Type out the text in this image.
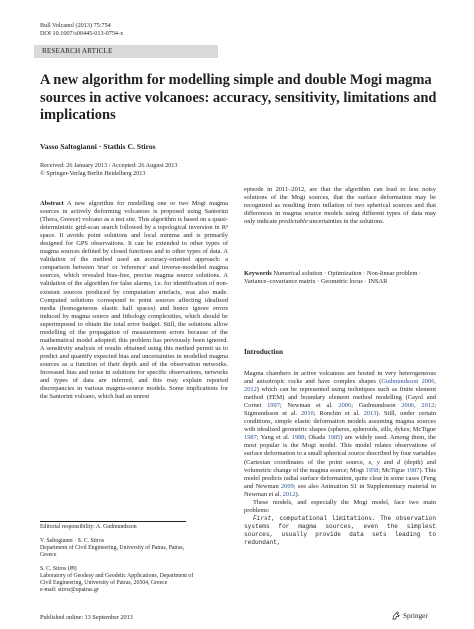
Bull Volcanol (2013) 75:754
DOI 10.1007/s00445-013-0754-x
RESEARCH ARTICLE
A new algorithm for modelling simple and double Mogi magma sources in active volcanoes: accuracy, sensitivity, limitations and implications
Vasso Saltogianni · Stathis C. Stiros
Received: 26 January 2013 / Accepted: 26 August 2013
© Springer-Verlag Berlin Heidelberg 2013

Abstract A new algorithm for modelling one or two Mogi magma sources in actively deforming volcanoes is proposed using Santorini (Thera, Greece) volcano as a test site. This algorithm is based on a quasi-deterministic grid-scan search followed by a topological inversion in Rⁿ space. It avoids point solutions and local minima and is primarily designed for GPS observations. It can be extended to other types of magma sources defined by closed functions and to other types of data. A validation of the method used an accuracy-oriented approach: a comparison between 'true' or 'reference' and inverse-modelled magma sources, which revealed bias-free, precise magma source solutions. A validation of the algorithm for false alarms, i.e. for identification of non-existent sources produced by computation artefacts, was also made. Computed solutions correspond to point sources affecting idealized media (homogeneous elastic half spaces) and hence ignore errors induced by magma source and lithology complexities, which should be superimposed to obtain the total error budget. Still, the solutions allow modelling of the propagation of measurement errors because of the mathematical model adopted; this problem has previously been ignored. A sensitivity analysis of results obtained using this method permit us to predict and quantify expected bias and uncertainties in modelled magma sources as a function of their depth and of the observation networks. Increased bias and noise in solutions for specific observations, networks and types of data are inferred, and this may explain reported discrepancies in various magma-source models. Some implications for the Santorini volcano, which had an unrest

episode in 2011–2012, are that the algorithm can lead to less noisy solutions of the Mogi sources, that the surface deformation may be recognized as resulting from inflation of two spherical sources and that differences in magma source models using different types of data may only indicate predictable uncertainties in the solutions.

Keywords Numerical solution · Optimization · Non-linear problem · Variance–covariance matrix · Geometric locus · INSAR

Introduction

Magma chambers in active volcanoes are hosted in very heterogeneous and anisotropic rocks and have complex shapes (Gudmundsson 2006, 2012) which can be represented using techniques such as finite element method (FEM) and boundary element method modelling (Cayol and Cornet 1997; Newman et al. 2006; Gudmundsson 2006, 2012; Sigmundsson et al. 2010; Ronchin et al. 2013). Still, under certain conditions, simple elastic deformation models assuming magma sources with idealized geometric shapes (spheres, spheroids, sills, dykes; McTigue 1987; Yang et al. 1988; Okada 1985) are widely used. Among them, the most popular is the Mogi model. This model relates observations of surface deformation to a small spherical source described by four variables (Cartesian coordinates of the point source, x, y and d (depth) and volumetric change of the magma source; Mogi 1958; McTigue 1987). This model predicts radial surface deformation, quite clear in some cases (Feng and Newman 2009; see also Animation S1 in Supplementary material in Newman et al. 2012).

These models, and especially the Mogi model, face two main problems:

First, computational limitations. The observation systems for magma sources, even the simplest sources, usually provide data sets leading to redundant,

Editorial responsibility: A. Gudmundsson
V. Saltogianni · S. C. Stiros
Department of Civil Engineering, University of Patras, Patras,
Greece
S. C. Stiros (✉)
Laboratory of Geodesy and Geodetic Applications, Department of
Civil Engineering, University of Patras, 26504, Greece
e-mail: stiros@upatras.gr
Published online: 13 September 2013	Springer
